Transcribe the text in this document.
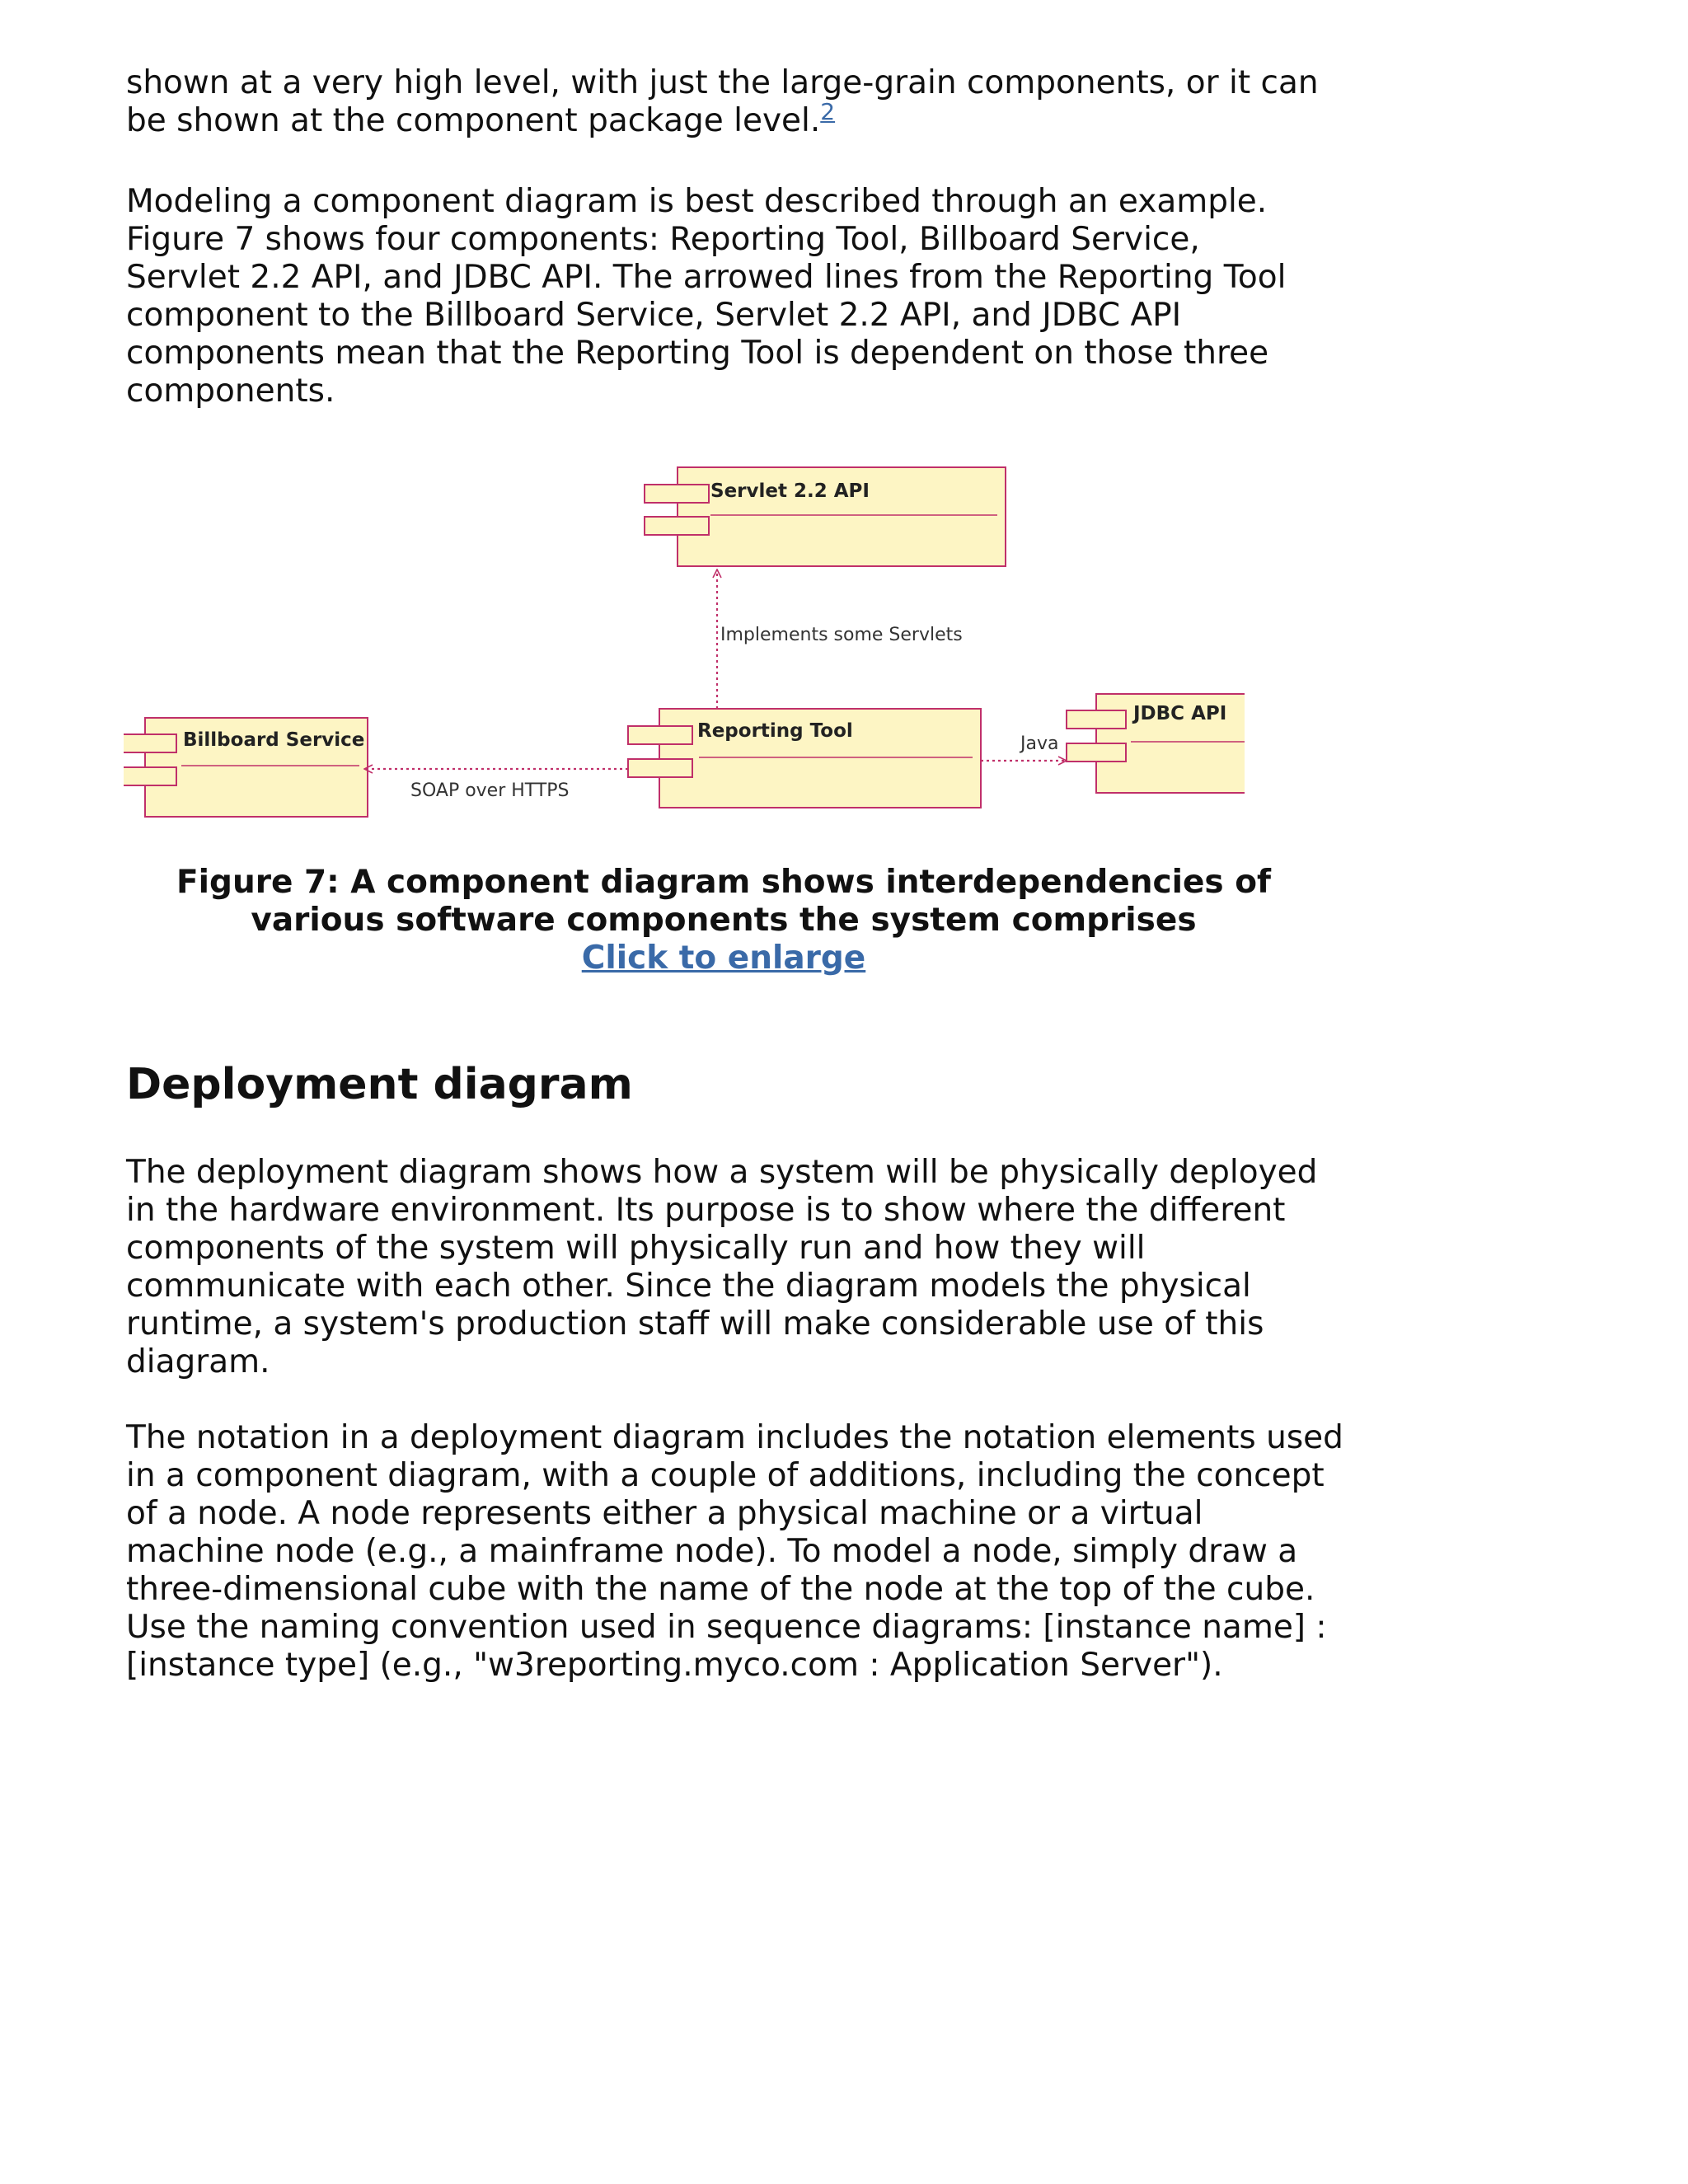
shown at a very high level, with just the large-grain components, or it can
be shown at the component package level.$^2$

Modeling a component diagram is best described through an example.
Figure 7 shows four components: Reporting Tool, Billboard Service,
Servlet 2.2 API, and JDBC API. The arrowed lines from the Reporting Tool
component to the Billboard Service, Servlet 2.2 API, and JDBC API
components mean that the Reporting Tool is dependent on those three
components.

Servlet 2.2 API
Reporting Tool
Billboard Service
JDBC API
Implements some Servlets
SOAP over HTTPS
Java
Figure 7: A component diagram shows interdependencies of
various software components the system comprises
Click to enlarge
Deployment diagram

The deployment diagram shows how a system will be physically deployed
in the hardware environment. Its purpose is to show where the different
components of the system will physically run and how they will
communicate with each other. Since the diagram models the physical
runtime, a system's production staff will make considerable use of this
diagram.

The notation in a deployment diagram includes the notation elements used
in a component diagram, with a couple of additions, including the concept
of a node. A node represents either a physical machine or a virtual
machine node (e.g., a mainframe node). To model a node, simply draw a
three-dimensional cube with the name of the node at the top of the cube.
Use the naming convention used in sequence diagrams: [instance name] :
[instance type] (e.g., "w3reporting.myco.com : Application Server").
